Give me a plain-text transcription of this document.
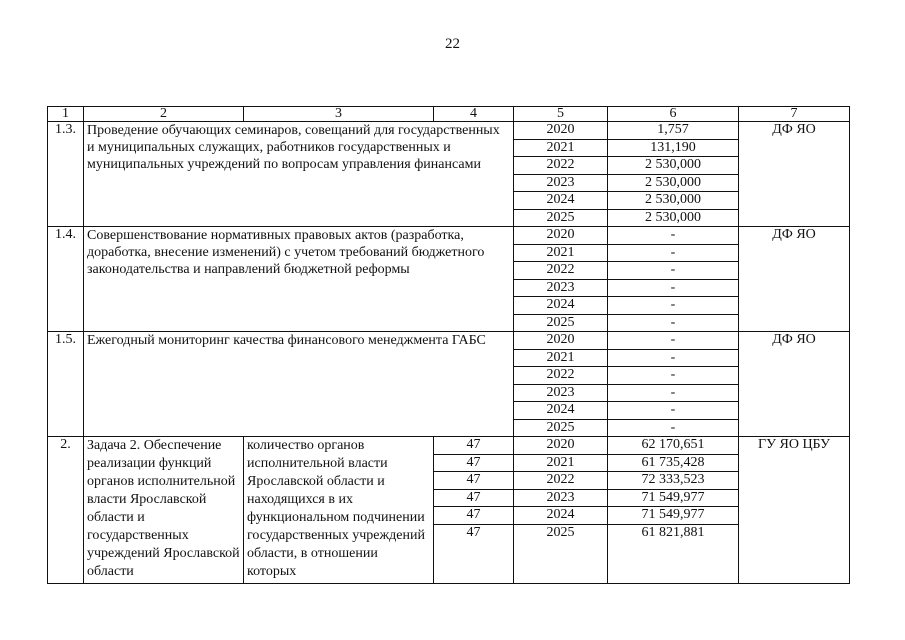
22
1	2	3	4	5	6	7
1.3.	Проведение обучающих семинаров, совещаний для государственных и муниципальных служащих, работников государственных и муниципальных учреждений по вопросам управления финансами			2020	1,757	ДФ ЯО
				2021	131,190	
				2022	2 530,000	
				2023	2 530,000	
				2024	2 530,000	
				2025	2 530,000	
1.4.	Совершенствование нормативных правовых актов (разработка, доработка, внесение изменений) с учетом требований бюджетного законодательства и направлений бюджетной реформы			2020	-	ДФ ЯО
				2021	-	
				2022	-	
				2023	-	
				2024	-	
				2025	-	
1.5.	Ежегодный мониторинг качества финансового менеджмента ГАБС			2020	-	ДФ ЯО
				2021	-	
				2022	-	
				2023	-	
				2024	-	
				2025	-	
2.	Задача 2. Обеспечение реализации функций органов исполнительной власти Ярославской области и государственных учреждений Ярославской области	количество органов исполнительной власти Ярославской области и находящихся в их функциональном подчинении государственных учреждений области, в отношении которых	47	2020	62 170,651	ГУ ЯО ЦБУ
			47	2021	61 735,428	
			47	2022	72 333,523	
			47	2023	71 549,977	
			47	2024	71 549,977	
			47	2025	61 821,881	
